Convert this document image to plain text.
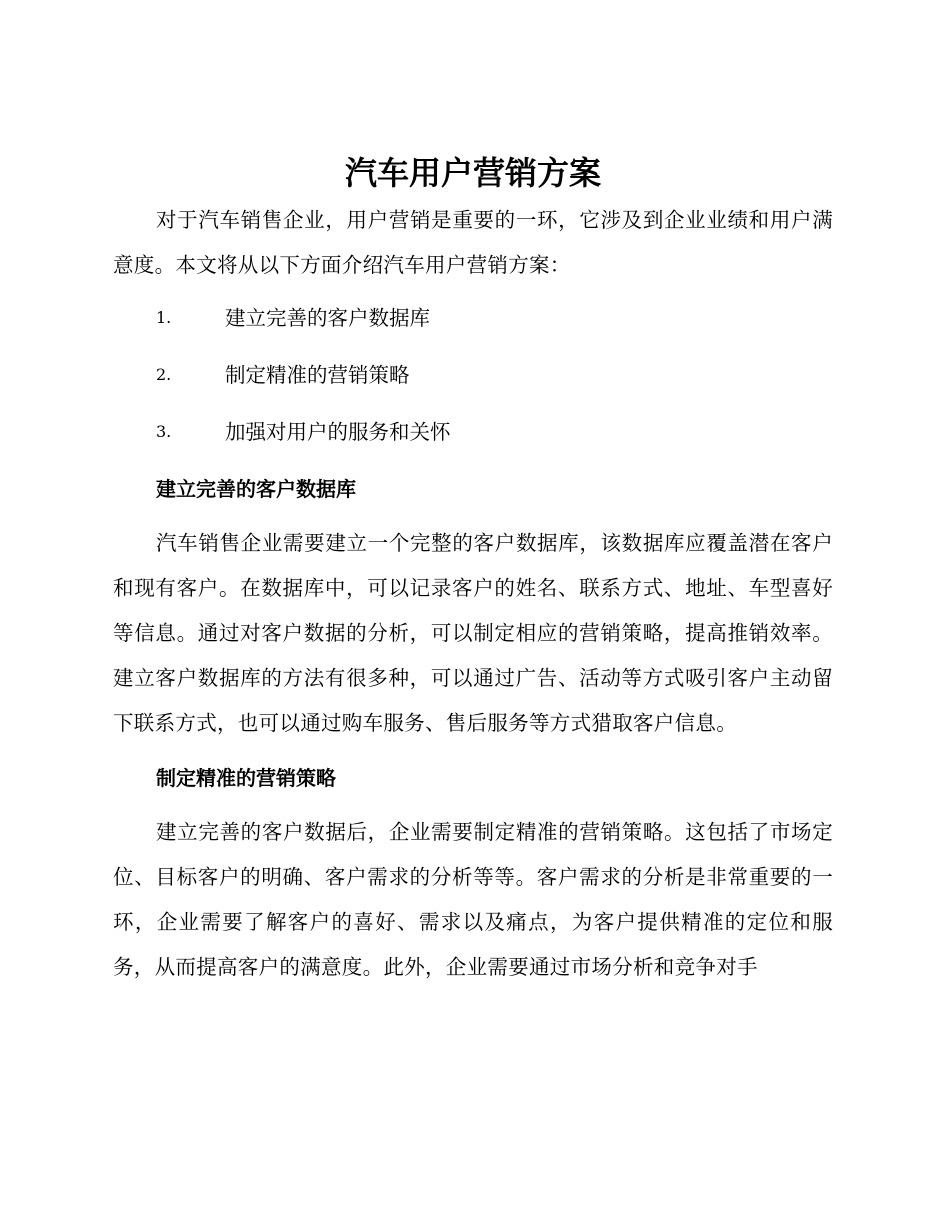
汽车用户营销方案

对于汽车销售企业，用户营销是重要的一环，它涉及到企业业绩和用户满意度。本文将从以下方面介绍汽车用户营销方案：

1.	建立完善的客户数据库
2.	制定精准的营销策略
3.	加强对用户的服务和关怀
建立完善的客户数据库

汽车销售企业需要建立一个完整的客户数据库，该数据库应覆盖潜在客户和现有客户。在数据库中，可以记录客户的姓名、联系方式、地址、车型喜好等信息。通过对客户数据的分析，可以制定相应的营销策略，提高推销效率。建立客户数据库的方法有很多种，可以通过广告、活动等方式吸引客户主动留下联系方式，也可以通过购车服务、售后服务等方式猎取客户信息。

制定精准的营销策略

建立完善的客户数据后，企业需要制定精准的营销策略。这包括了市场定位、目标客户的明确、客户需求的分析等等。客户需求的分析是非常重要的一环，企业需要了解客户的喜好、需求以及痛点，为客户提供精准的定位和服务，从而提高客户的满意度。此外，企业需要通过市场分析和竞争对手
